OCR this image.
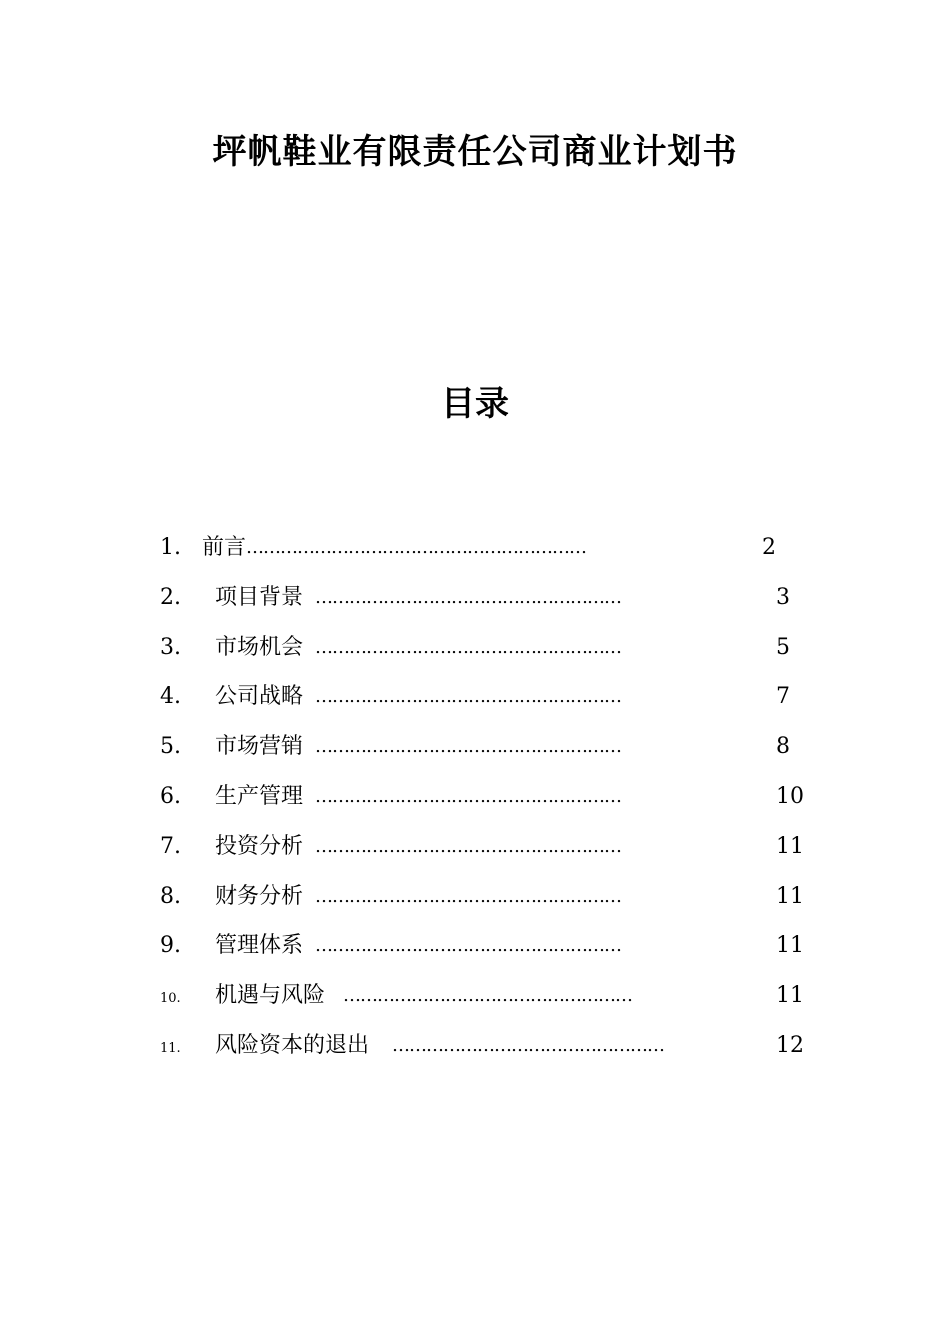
坪帆鞋业有限责任公司商业计划书
目录
1. 前言 ……………………………………………………	2
2. 项目背景 ………………………………………………	3
3. 市场机会 ………………………………………………	5
4. 公司战略 ………………………………………………	7
5. 市场营销 ………………………………………………	8
6. 生产管理 ………………………………………………	10
7. 投资分析 ………………………………………………	11
8. 财务分析 ………………………………………………	11
9. 管理体系 ………………………………………………	11
10. 机遇与风险 ……………………………………………	11
11. 风险资本的退出 …………………………………………	12
